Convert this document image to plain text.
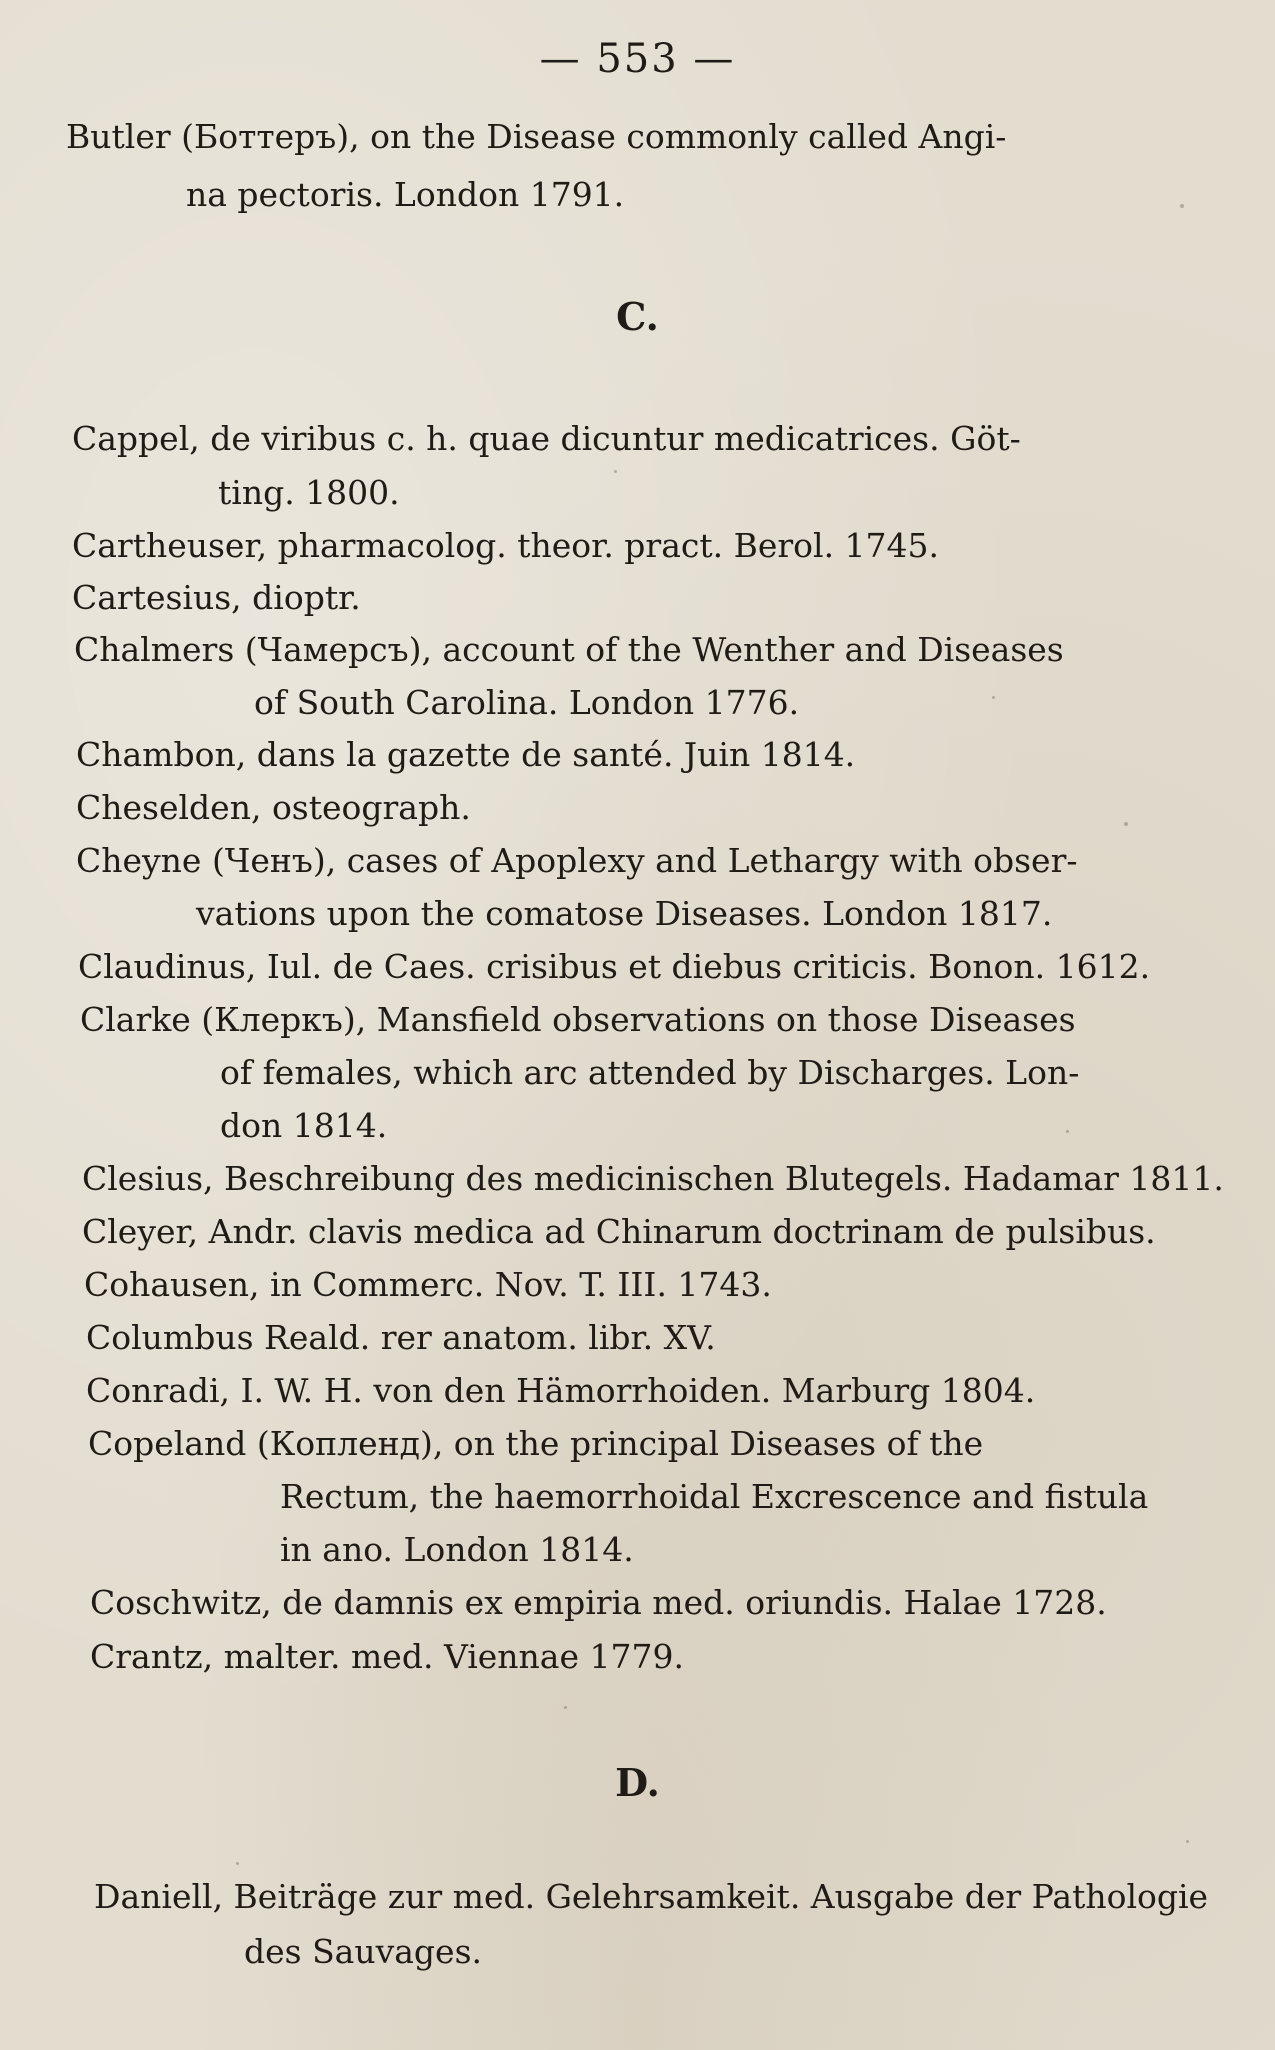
— 553 —
Butler (Боттеръ), on the Disease commonly called Angi-
na pectoris. London 1791.
C.
Cappel, de viribus c. h. quae dicuntur medicatrices. Göt-
ting. 1800.
Cartheuser, pharmacolog. theor. pract. Berol. 1745.
Cartesius, dioptr.
Chalmers (Чамерсъ), account of the Wenther and Diseases
of South Carolina. London 1776.
Chambon, dans la gazette de santé. Juin 1814.
Cheselden, osteograph.
Cheyne (Ченъ), cases of Apoplexy and Lethargy with obser-
vations upon the comatose Diseases. London 1817.
Claudinus, Iul. de Caes. crisibus et diebus criticis. Bonon. 1612.
Clarke (Клеркъ), Mansfield observations on those Diseases
of females, which arc attended by Discharges. Lon-
don 1814.
Clesius, Beschreibung des medicinischen Blutegels. Hadamar 1811.
Cleyer, Andr. clavis medica ad Chinarum doctrinam de pulsibus.
Cohausen, in Commerc. Nov. T. III. 1743.
Columbus Reald. rer anatom. libr. XV.
Conradi, I. W. H. von den Hämorrhoiden. Marburg 1804.
Copeland (Копленд), on the principal Diseases of the
Rectum, the haemorrhoidal Excrescence and fistula
in ano. London 1814.
Coschwitz, de damnis ex empiria med. oriundis. Halae 1728.
Crantz, malter. med. Viennae 1779.
D.
Daniell, Beiträge zur med. Gelehrsamkeit. Ausgabe der Pathologie
des Sauvages.
